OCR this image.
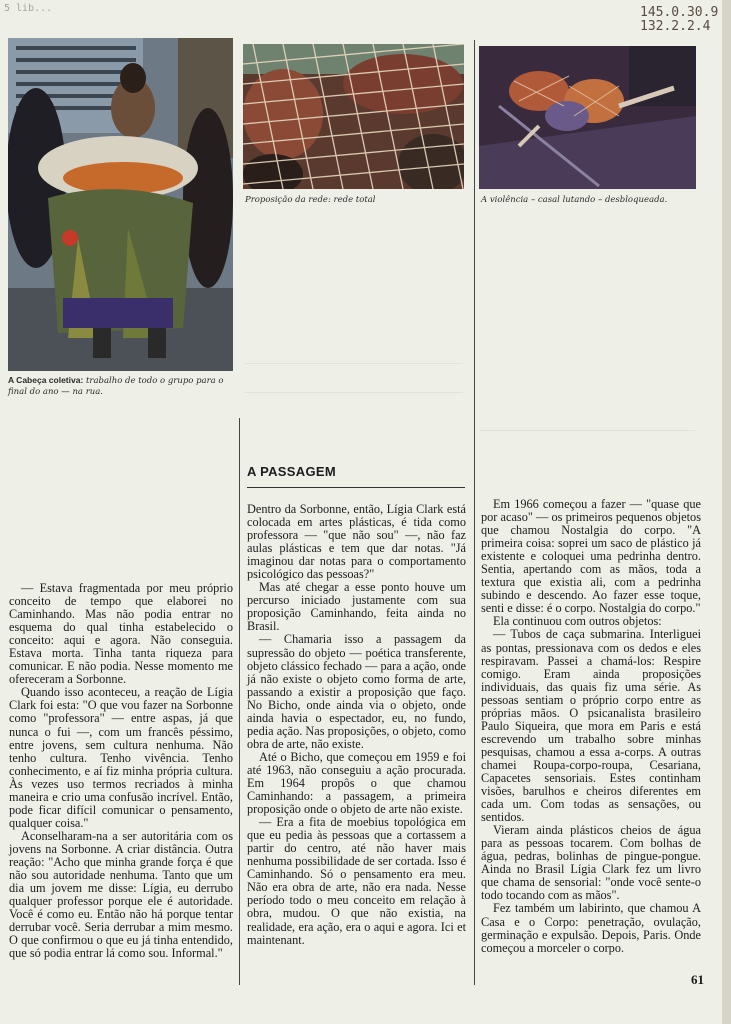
5 lib...	145.0.30.9
132.2.2.4
A Cabeça coletiva: trabalho de todo o grupo para o final do ano — na rua.
Proposição da rede: rede total	A violência – casal lutando – desbloqueada.
A PASSAGEM

— Estava fragmentada por meu próprio conceito de tempo que elaborei no Caminhando. Mas não podia entrar no esquema do qual tinha estabelecido o conceito: aqui e agora. Não conseguia. Estava morta. Tinha tanta riqueza para comunicar. E não podia. Nesse momento me ofereceram a Sorbonne.

Quando isso aconteceu, a reação de Lígia Clark foi esta: "O que vou fazer na Sorbonne como "professora" — entre aspas, já que nunca o fui —, com um francês péssimo, entre jovens, sem cultura nenhuma. Não tenho cultura. Tenho vivência. Tenho conhecimento, e aí fiz minha própria cultura. Às vezes uso termos recriados à minha maneira e crio uma confusão incrível. Então, pode ficar difícil comunicar o pensamento, qualquer coisa."

Aconselharam-na a ser autoritária com os jovens na Sorbonne. A criar distância. Outra reação: "Acho que minha grande força é que não sou autoridade nenhuma. Tanto que um dia um jovem me disse: Lígia, eu derrubo qualquer professor porque ele é autoridade. Você é como eu. Então não há porque tentar derrubar você. Seria derrubar a mim mesmo. O que confirmou o que eu já tinha entendido, que só podia entrar lá como sou. Informal."

Dentro da Sorbonne, então, Lígia Clark está colocada em artes plásticas, é tida como professora — "que não sou" —, não faz aulas plásticas e tem que dar notas. "Já imaginou dar notas para o comportamento psicológico das pessoas?"

Mas até chegar a esse ponto houve um percurso iniciado justamente com sua proposição Caminhando, feita ainda no Brasil.

— Chamaria isso a passagem da supressão do objeto — poética transferente, objeto clássico fechado — para a ação, onde já não existe o objeto como forma de arte, passando a existir a proposição que faço. No Bicho, onde ainda via o objeto, onde ainda havia o espectador, eu, no fundo, pedia ação. Nas proposições, o objeto, como obra de arte, não existe.

Até o Bicho, que começou em 1959 e foi até 1963, não conseguiu a ação procurada. Em 1964 propôs o que chamou Caminhando: a passagem, a primeira proposição onde o objeto de arte não existe.

— Era a fita de moebius topológica em que eu pedia às pessoas que a cortassem a partir do centro, até não haver mais nenhuma possibilidade de ser cortada. Isso é Caminhando. Só o pensamento era meu. Não era obra de arte, não era nada. Nesse período todo o meu conceito em relação à obra, mudou. O que não existia, na realidade, era ação, era o aqui e agora. Ici et maintenant.

Em 1966 começou a fazer — "quase que por acaso" — os primeiros pequenos objetos que chamou Nostalgia do corpo. "A primeira coisa: soprei um saco de plástico já existente e coloquei uma pedrinha dentro. Sentia, apertando com as mãos, toda a textura que existia ali, com a pedrinha subindo e descendo. Ao fazer esse toque, senti e disse: é o corpo. Nostalgia do corpo."

Ela continuou com outros objetos:

— Tubos de caça submarina. Interliguei as pontas, pressionava com os dedos e eles respiravam. Passei a chamá-los: Respire comigo. Eram ainda proposições individuais, das quais fiz uma série. As pessoas sentiam o próprio corpo entre as próprias mãos. O psicanalista brasileiro Paulo Siqueira, que mora em Paris e está escrevendo um trabalho sobre minhas pesquisas, chamou a essa a-corps. A outras chamei Roupa-corpo-roupa, Cesariana, Capacetes sensoriais. Estes continham visões, barulhos e cheiros diferentes em cada um. Com todas as sensações, ou sentidos.

Vieram ainda plásticos cheios de água para as pessoas tocarem. Com bolhas de água, pedras, bolinhas de pingue-pongue. Ainda no Brasil Lígia Clark fez um livro que chama de sensorial: "onde você sente-o todo tocando com as mãos".

Fez também um labirinto, que chamou A Casa e o Corpo: penetração, ovulação, germinação e expulsão. Depois, Paris. Onde começou a morceler o corpo.

61
